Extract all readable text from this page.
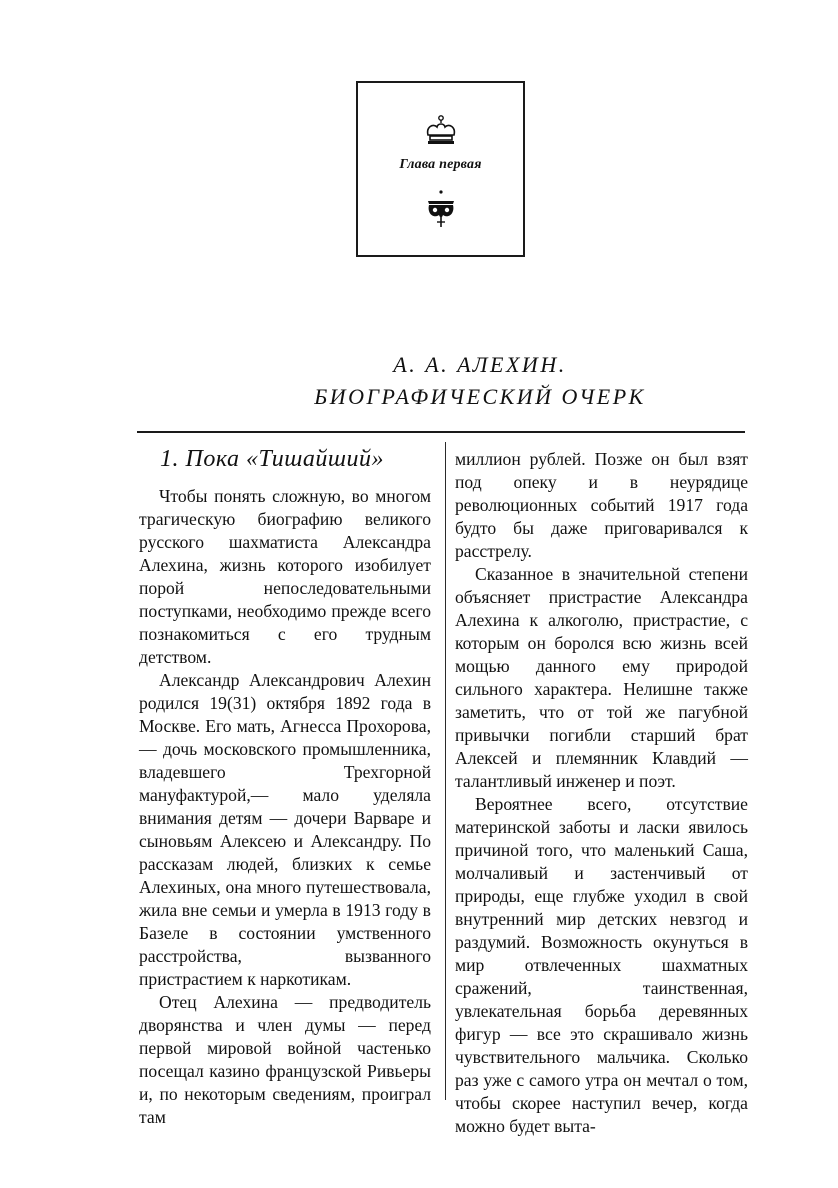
Глава первая
А. А. АЛЕХИН.
БИОГРАФИЧЕСКИЙ ОЧЕРК
1. Пока «Тишайший»

Чтобы понять сложную, во многом трагическую биографию великого русского шахматиста Александра Алехина, жизнь которого изобилует порой непоследовательными поступками, необходимо прежде всего познакомиться с его трудным детством.

Александр Александрович Алехин родился 19(31) октября 1892 года в Москве. Его мать, Агнесса Прохорова,— дочь московского промышленника, владевшего Трехгорной мануфактурой,— мало уделяла внимания детям — дочери Варваре и сыновьям Алексею и Александру. По рассказам людей, близких к семье Алехиных, она много путешествовала, жила вне семьи и умерла в 1913 году в Базеле в состоянии умственного расстройства, вызванного пристрастием к наркотикам.

Отец Алехина — предводитель дворянства и член думы — перед первой мировой войной частенько посещал казино французской Ривьеры и, по некоторым сведениям, проиграл там

миллион рублей. Позже он был взят под опеку и в неурядице революционных событий 1917 года будто бы даже приговаривался к расстрелу.

Сказанное в значительной степени объясняет пристрастие Александра Алехина к алкоголю, пристрастие, с которым он боролся всю жизнь всей мощью данного ему природой сильного характера. Нелишне также заметить, что от той же пагубной привычки погибли старший брат Алексей и племянник Клавдий — талантливый инженер и поэт.

Вероятнее всего, отсутствие материнской заботы и ласки явилось причиной того, что маленький Саша, молчаливый и застенчивый от природы, еще глубже уходил в свой внутренний мир детских невзгод и раздумий. Возможность окунуться в мир отвлеченных шахматных сражений, таинственная, увлекательная борьба деревянных фигур — все это скрашивало жизнь чувствительного мальчика. Сколько раз уже с самого утра он мечтал о том, чтобы скорее наступил вечер, когда можно будет выта-
